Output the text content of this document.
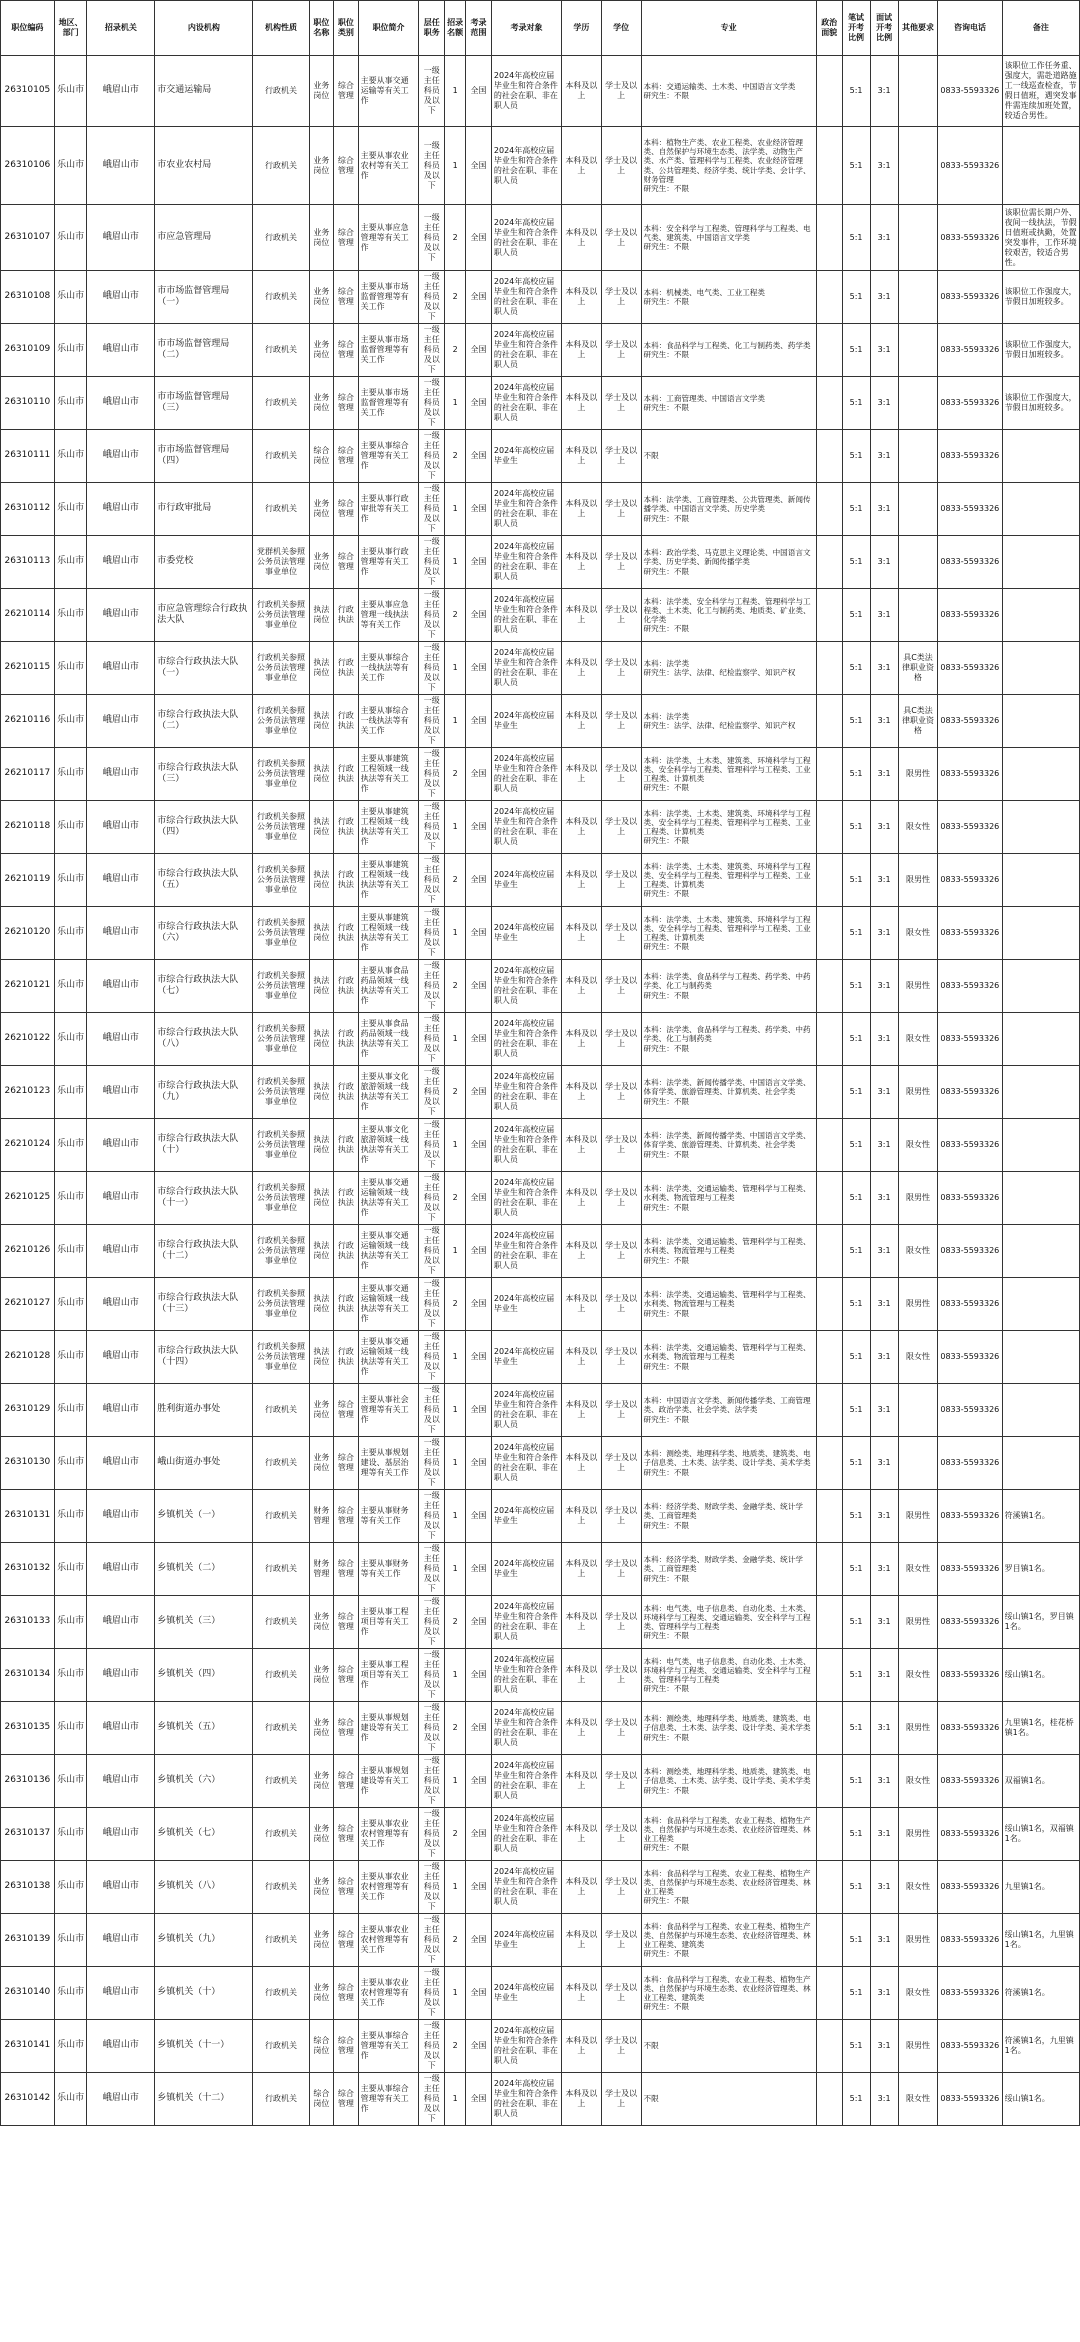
职位编码	地区、部门	招录机关	内设机构	机构性质	职位名称	职位类别	职位简介	层任职务	招录名额	考录范围	考录对象	学历	学位	专业	政治面貌	笔试开考比例	面试开考比例	其他要求	咨询电话	备注
26310105	乐山市	峨眉山市	市交通运输局	行政机关	业务岗位	综合管理	主要从事交通运输等有关工作	一级主任科员及以下	1	全国	2024年高校应届毕业生和符合条件的社会在职、非在职人员	本科及以上	学士及以上	本科：交通运输类、土木类、中国语言文学类
研究生：不限		5:1	3:1		0833-5593326	该职位工作任务重、强度大，需赴道路施工一线巡查检查，节假日值班，遇突发事件需连续加班处置，较适合男性。
26310106	乐山市	峨眉山市	市农业农村局	行政机关	业务岗位	综合管理	主要从事农业农村等有关工作	一级主任科员及以下	1	全国	2024年高校应届毕业生和符合条件的社会在职、非在职人员	本科及以上	学士及以上	本科：植物生产类、农业工程类、农业经济管理类、自然保护与环境生态类、法学类、动物生产类、水产类、管理科学与工程类、农业经济管理类、公共管理类、经济学类、统计学类、会计学、财务管理
研究生：不限		5:1	3:1		0833-5593326	
26310107	乐山市	峨眉山市	市应急管理局	行政机关	业务岗位	综合管理	主要从事应急管理等有关工作	一级主任科员及以下	2	全国	2024年高校应届毕业生和符合条件的社会在职、非在职人员	本科及以上	学士及以上	本科：安全科学与工程类、管理科学与工程类、电气类、建筑类、中国语言文学类
研究生：不限		5:1	3:1		0833-5593326	该职位需长期户外、夜间一线执法，节假日值班或执勤，处置突发事件，工作环境较艰苦，较适合男性。
26310108	乐山市	峨眉山市	市市场监督管理局（一）	行政机关	业务岗位	综合管理	主要从事市场监督管理等有关工作	一级主任科员及以下	2	全国	2024年高校应届毕业生和符合条件的社会在职、非在职人员	本科及以上	学士及以上	本科：机械类、电气类、工业工程类
研究生：不限		5:1	3:1		0833-5593326	该职位工作强度大，节假日加班较多。
26310109	乐山市	峨眉山市	市市场监督管理局（二）	行政机关	业务岗位	综合管理	主要从事市场监督管理等有关工作	一级主任科员及以下	2	全国	2024年高校应届毕业生和符合条件的社会在职、非在职人员	本科及以上	学士及以上	本科：食品科学与工程类、化工与制药类、药学类
研究生：不限		5:1	3:1		0833-5593326	该职位工作强度大，节假日加班较多。
26310110	乐山市	峨眉山市	市市场监督管理局（三）	行政机关	业务岗位	综合管理	主要从事市场监督管理等有关工作	一级主任科员及以下	1	全国	2024年高校应届毕业生和符合条件的社会在职、非在职人员	本科及以上	学士及以上	本科：工商管理类、中国语言文学类
研究生：不限		5:1	3:1		0833-5593326	该职位工作强度大，节假日加班较多。
26310111	乐山市	峨眉山市	市市场监督管理局（四）	行政机关	综合岗位	综合管理	主要从事综合管理等有关工作	一级主任科员及以下	2	全国	2024年高校应届毕业生	本科及以上	学士及以上	不限		5:1	3:1		0833-5593326	
26310112	乐山市	峨眉山市	市行政审批局	行政机关	业务岗位	综合管理	主要从事行政审批等有关工作	一级主任科员及以下	1	全国	2024年高校应届毕业生和符合条件的社会在职、非在职人员	本科及以上	学士及以上	本科：法学类、工商管理类、公共管理类、新闻传播学类、中国语言文学类、历史学类
研究生：不限		5:1	3:1		0833-5593326	
26310113	乐山市	峨眉山市	市委党校	党群机关参照公务员法管理事业单位	业务岗位	综合管理	主要从事行政管理等有关工作	一级主任科员及以下	1	全国	2024年高校应届毕业生和符合条件的社会在职、非在职人员	本科及以上	学士及以上	本科：政治学类、马克思主义理论类、中国语言文学类、历史学类、新闻传播学类
研究生：不限		5:1	3:1		0833-5593326	
26210114	乐山市	峨眉山市	市应急管理综合行政执法大队	行政机关参照公务员法管理事业单位	执法岗位	行政执法	主要从事应急管理一线执法等有关工作	一级主任科员及以下	2	全国	2024年高校应届毕业生和符合条件的社会在职、非在职人员	本科及以上	学士及以上	本科：法学类、安全科学与工程类、管理科学与工程类、土木类、化工与制药类、地质类、矿业类、化学类
研究生：不限		5:1	3:1		0833-5593326	
26210115	乐山市	峨眉山市	市综合行政执法大队（一）	行政机关参照公务员法管理事业单位	执法岗位	行政执法	主要从事综合一线执法等有关工作	一级主任科员及以下	1	全国	2024年高校应届毕业生和符合条件的社会在职、非在职人员	本科及以上	学士及以上	本科：法学类
研究生：法学、法律、纪检监察学、知识产权		5:1	3:1	具C类法律职业资格	0833-5593326	
26210116	乐山市	峨眉山市	市综合行政执法大队（二）	行政机关参照公务员法管理事业单位	执法岗位	行政执法	主要从事综合一线执法等有关工作	一级主任科员及以下	1	全国	2024年高校应届毕业生	本科及以上	学士及以上	本科：法学类
研究生：法学、法律、纪检监察学、知识产权		5:1	3:1	具C类法律职业资格	0833-5593326	
26210117	乐山市	峨眉山市	市综合行政执法大队（三）	行政机关参照公务员法管理事业单位	执法岗位	行政执法	主要从事建筑工程领域一线执法等有关工作	一级主任科员及以下	2	全国	2024年高校应届毕业生和符合条件的社会在职、非在职人员	本科及以上	学士及以上	本科：法学类、土木类、建筑类、环境科学与工程类、安全科学与工程类、管理科学与工程类、工业工程类、计算机类
研究生：不限		5:1	3:1	限男性	0833-5593326	
26210118	乐山市	峨眉山市	市综合行政执法大队（四）	行政机关参照公务员法管理事业单位	执法岗位	行政执法	主要从事建筑工程领域一线执法等有关工作	一级主任科员及以下	1	全国	2024年高校应届毕业生和符合条件的社会在职、非在职人员	本科及以上	学士及以上	本科：法学类、土木类、建筑类、环境科学与工程类、安全科学与工程类、管理科学与工程类、工业工程类、计算机类
研究生：不限		5:1	3:1	限女性	0833-5593326	
26210119	乐山市	峨眉山市	市综合行政执法大队（五）	行政机关参照公务员法管理事业单位	执法岗位	行政执法	主要从事建筑工程领域一线执法等有关工作	一级主任科员及以下	2	全国	2024年高校应届毕业生	本科及以上	学士及以上	本科：法学类、土木类、建筑类、环境科学与工程类、安全科学与工程类、管理科学与工程类、工业工程类、计算机类
研究生：不限		5:1	3:1	限男性	0833-5593326	
26210120	乐山市	峨眉山市	市综合行政执法大队（六）	行政机关参照公务员法管理事业单位	执法岗位	行政执法	主要从事建筑工程领域一线执法等有关工作	一级主任科员及以下	1	全国	2024年高校应届毕业生	本科及以上	学士及以上	本科：法学类、土木类、建筑类、环境科学与工程类、安全科学与工程类、管理科学与工程类、工业工程类、计算机类
研究生：不限		5:1	3:1	限女性	0833-5593326	
26210121	乐山市	峨眉山市	市综合行政执法大队（七）	行政机关参照公务员法管理事业单位	执法岗位	行政执法	主要从事食品药品领域一线执法等有关工作	一级主任科员及以下	2	全国	2024年高校应届毕业生和符合条件的社会在职、非在职人员	本科及以上	学士及以上	本科：法学类、食品科学与工程类、药学类、中药学类、化工与制药类
研究生：不限		5:1	3:1	限男性	0833-5593326	
26210122	乐山市	峨眉山市	市综合行政执法大队（八）	行政机关参照公务员法管理事业单位	执法岗位	行政执法	主要从事食品药品领域一线执法等有关工作	一级主任科员及以下	1	全国	2024年高校应届毕业生和符合条件的社会在职、非在职人员	本科及以上	学士及以上	本科：法学类、食品科学与工程类、药学类、中药学类、化工与制药类
研究生：不限		5:1	3:1	限女性	0833-5593326	
26210123	乐山市	峨眉山市	市综合行政执法大队（九）	行政机关参照公务员法管理事业单位	执法岗位	行政执法	主要从事文化旅游领域一线执法等有关工作	一级主任科员及以下	2	全国	2024年高校应届毕业生和符合条件的社会在职、非在职人员	本科及以上	学士及以上	本科：法学类、新闻传播学类、中国语言文学类、体育学类、旅游管理类、计算机类、社会学类
研究生：不限		5:1	3:1	限男性	0833-5593326	
26210124	乐山市	峨眉山市	市综合行政执法大队（十）	行政机关参照公务员法管理事业单位	执法岗位	行政执法	主要从事文化旅游领域一线执法等有关工作	一级主任科员及以下	1	全国	2024年高校应届毕业生和符合条件的社会在职、非在职人员	本科及以上	学士及以上	本科：法学类、新闻传播学类、中国语言文学类、体育学类、旅游管理类、计算机类、社会学类
研究生：不限		5:1	3:1	限女性	0833-5593326	
26210125	乐山市	峨眉山市	市综合行政执法大队（十一）	行政机关参照公务员法管理事业单位	执法岗位	行政执法	主要从事交通运输领域一线执法等有关工作	一级主任科员及以下	2	全国	2024年高校应届毕业生和符合条件的社会在职、非在职人员	本科及以上	学士及以上	本科：法学类、交通运输类、管理科学与工程类、水利类、物流管理与工程类
研究生：不限		5:1	3:1	限男性	0833-5593326	
26210126	乐山市	峨眉山市	市综合行政执法大队（十二）	行政机关参照公务员法管理事业单位	执法岗位	行政执法	主要从事交通运输领域一线执法等有关工作	一级主任科员及以下	1	全国	2024年高校应届毕业生和符合条件的社会在职、非在职人员	本科及以上	学士及以上	本科：法学类、交通运输类、管理科学与工程类、水利类、物流管理与工程类
研究生：不限		5:1	3:1	限女性	0833-5593326	
26210127	乐山市	峨眉山市	市综合行政执法大队（十三）	行政机关参照公务员法管理事业单位	执法岗位	行政执法	主要从事交通运输领域一线执法等有关工作	一级主任科员及以下	2	全国	2024年高校应届毕业生	本科及以上	学士及以上	本科：法学类、交通运输类、管理科学与工程类、水利类、物流管理与工程类
研究生：不限		5:1	3:1	限男性	0833-5593326	
26210128	乐山市	峨眉山市	市综合行政执法大队（十四）	行政机关参照公务员法管理事业单位	执法岗位	行政执法	主要从事交通运输领域一线执法等有关工作	一级主任科员及以下	1	全国	2024年高校应届毕业生	本科及以上	学士及以上	本科：法学类、交通运输类、管理科学与工程类、水利类、物流管理与工程类
研究生：不限		5:1	3:1	限女性	0833-5593326	
26310129	乐山市	峨眉山市	胜利街道办事处	行政机关	业务岗位	综合管理	主要从事社会管理等有关工作	一级主任科员及以下	1	全国	2024年高校应届毕业生和符合条件的社会在职、非在职人员	本科及以上	学士及以上	本科：中国语言文学类、新闻传播学类、工商管理类、政治学类、社会学类、法学类
研究生：不限		5:1	3:1		0833-5593326	
26310130	乐山市	峨眉山市	峨山街道办事处	行政机关	业务岗位	综合管理	主要从事规划建设、基层治理等有关工作	一级主任科员及以下	1	全国	2024年高校应届毕业生和符合条件的社会在职、非在职人员	本科及以上	学士及以上	本科：测绘类、地理科学类、地质类、建筑类、电子信息类、土木类、法学类、设计学类、美术学类
研究生：不限		5:1	3:1		0833-5593326	
26310131	乐山市	峨眉山市	乡镇机关（一）	行政机关	财务管理	综合管理	主要从事财务等有关工作	一级主任科员及以下	1	全国	2024年高校应届毕业生	本科及以上	学士及以上	本科：经济学类、财政学类、金融学类、统计学类、工商管理类
研究生：不限		5:1	3:1	限男性	0833-5593326	符溪镇1名。
26310132	乐山市	峨眉山市	乡镇机关（二）	行政机关	财务管理	综合管理	主要从事财务等有关工作	一级主任科员及以下	1	全国	2024年高校应届毕业生	本科及以上	学士及以上	本科：经济学类、财政学类、金融学类、统计学类、工商管理类
研究生：不限		5:1	3:1	限女性	0833-5593326	罗目镇1名。
26310133	乐山市	峨眉山市	乡镇机关（三）	行政机关	业务岗位	综合管理	主要从事工程项目等有关工作	一级主任科员及以下	2	全国	2024年高校应届毕业生和符合条件的社会在职、非在职人员	本科及以上	学士及以上	本科：电气类、电子信息类、自动化类、土木类、环境科学与工程类、交通运输类、安全科学与工程类、管理科学与工程类
研究生：不限		5:1	3:1	限男性	0833-5593326	绥山镇1名，罗目镇1名。
26310134	乐山市	峨眉山市	乡镇机关（四）	行政机关	业务岗位	综合管理	主要从事工程项目等有关工作	一级主任科员及以下	1	全国	2024年高校应届毕业生和符合条件的社会在职、非在职人员	本科及以上	学士及以上	本科：电气类、电子信息类、自动化类、土木类、环境科学与工程类、交通运输类、安全科学与工程类、管理科学与工程类
研究生：不限		5:1	3:1	限女性	0833-5593326	绥山镇1名。
26310135	乐山市	峨眉山市	乡镇机关（五）	行政机关	业务岗位	综合管理	主要从事规划建设等有关工作	一级主任科员及以下	2	全国	2024年高校应届毕业生和符合条件的社会在职、非在职人员	本科及以上	学士及以上	本科：测绘类、地理科学类、地质类、建筑类、电子信息类、土木类、法学类、设计学类、美术学类
研究生：不限		5:1	3:1	限男性	0833-5593326	九里镇1名，桂花桥镇1名。
26310136	乐山市	峨眉山市	乡镇机关（六）	行政机关	业务岗位	综合管理	主要从事规划建设等有关工作	一级主任科员及以下	1	全国	2024年高校应届毕业生和符合条件的社会在职、非在职人员	本科及以上	学士及以上	本科：测绘类、地理科学类、地质类、建筑类、电子信息类、土木类、法学类、设计学类、美术学类
研究生：不限		5:1	3:1	限女性	0833-5593326	双福镇1名。
26310137	乐山市	峨眉山市	乡镇机关（七）	行政机关	业务岗位	综合管理	主要从事农业农村管理等有关工作	一级主任科员及以下	2	全国	2024年高校应届毕业生和符合条件的社会在职、非在职人员	本科及以上	学士及以上	本科：食品科学与工程类、农业工程类、植物生产类、自然保护与环境生态类、农业经济管理类、林业工程类
研究生：不限		5:1	3:1	限男性	0833-5593326	绥山镇1名，双福镇1名。
26310138	乐山市	峨眉山市	乡镇机关（八）	行政机关	业务岗位	综合管理	主要从事农业农村管理等有关工作	一级主任科员及以下	1	全国	2024年高校应届毕业生和符合条件的社会在职、非在职人员	本科及以上	学士及以上	本科：食品科学与工程类、农业工程类、植物生产类、自然保护与环境生态类、农业经济管理类、林业工程类
研究生：不限		5:1	3:1	限女性	0833-5593326	九里镇1名。
26310139	乐山市	峨眉山市	乡镇机关（九）	行政机关	业务岗位	综合管理	主要从事农业农村管理等有关工作	一级主任科员及以下	2	全国	2024年高校应届毕业生	本科及以上	学士及以上	本科：食品科学与工程类、农业工程类、植物生产类、自然保护与环境生态类、农业经济管理类、林业工程类、建筑类
研究生：不限		5:1	3:1	限男性	0833-5593326	绥山镇1名，九里镇1名。
26310140	乐山市	峨眉山市	乡镇机关（十）	行政机关	业务岗位	综合管理	主要从事农业农村管理等有关工作	一级主任科员及以下	1	全国	2024年高校应届毕业生	本科及以上	学士及以上	本科：食品科学与工程类、农业工程类、植物生产类、自然保护与环境生态类、农业经济管理类、林业工程类、建筑类
研究生：不限		5:1	3:1	限女性	0833-5593326	符溪镇1名。
26310141	乐山市	峨眉山市	乡镇机关（十一）	行政机关	综合岗位	综合管理	主要从事综合管理等有关工作	一级主任科员及以下	2	全国	2024年高校应届毕业生和符合条件的社会在职、非在职人员	本科及以上	学士及以上	不限		5:1	3:1	限男性	0833-5593326	符溪镇1名，九里镇1名。
26310142	乐山市	峨眉山市	乡镇机关（十二）	行政机关	综合岗位	综合管理	主要从事综合管理等有关工作	一级主任科员及以下	1	全国	2024年高校应届毕业生和符合条件的社会在职、非在职人员	本科及以上	学士及以上	不限		5:1	3:1	限女性	0833-5593326	绥山镇1名。
